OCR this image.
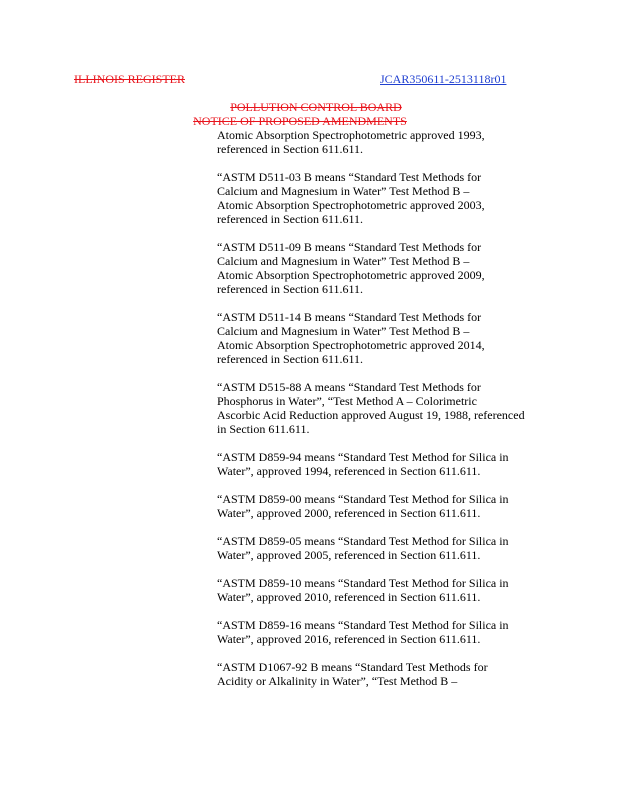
ILLINOIS REGISTER	JCAR350611-2513118r01
POLLUTION CONTROL BOARD
NOTICE OF PROPOSED AMENDMENTS
Atomic Absorption Spectrophotometric approved 1993,
referenced in Section 611.611.
“ASTM D511-03 B means “Standard Test Methods for
Calcium and Magnesium in Water” Test Method B –
Atomic Absorption Spectrophotometric approved 2003,
referenced in Section 611.611.
“ASTM D511-09 B means “Standard Test Methods for
Calcium and Magnesium in Water” Test Method B –
Atomic Absorption Spectrophotometric approved 2009,
referenced in Section 611.611.
“ASTM D511-14 B means “Standard Test Methods for
Calcium and Magnesium in Water” Test Method B –
Atomic Absorption Spectrophotometric approved 2014,
referenced in Section 611.611.
“ASTM D515-88 A means “Standard Test Methods for
Phosphorus in Water”, “Test Method A – Colorimetric
Ascorbic Acid Reduction approved August 19, 1988, referenced
in Section 611.611.
“ASTM D859-94 means “Standard Test Method for Silica in
Water”, approved 1994, referenced in Section 611.611.
“ASTM D859-00 means “Standard Test Method for Silica in
Water”, approved 2000, referenced in Section 611.611.
“ASTM D859-05 means “Standard Test Method for Silica in
Water”, approved 2005, referenced in Section 611.611.
“ASTM D859-10 means “Standard Test Method for Silica in
Water”, approved 2010, referenced in Section 611.611.
“ASTM D859-16 means “Standard Test Method for Silica in
Water”, approved 2016, referenced in Section 611.611.
“ASTM D1067-92 B means “Standard Test Methods for
Acidity or Alkalinity in Water”, “Test Method B –
